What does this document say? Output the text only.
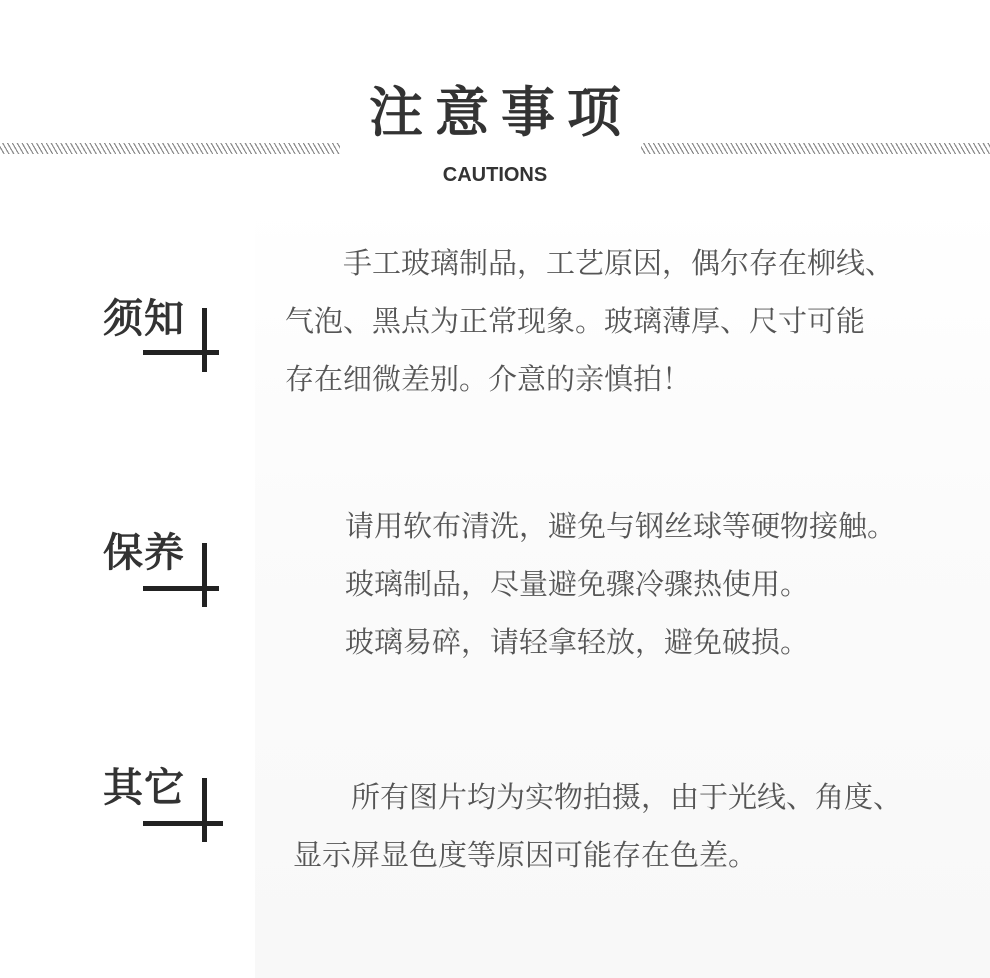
注意事项
CAUTIONS
须知

　　手工玻璃制品，工艺原因，偶尔存在柳线、

气泡、黑点为正常现象。玻璃薄厚、尺寸可能

存在细微差别。介意的亲慎拍！

保养

请用软布清洗，避免与钢丝球等硬物接触。

玻璃制品，尽量避免骤冷骤热使用。

玻璃易碎，请轻拿轻放，避免破损。

其它	　　所有图片均为实物拍摄，由于光线、角度、

显示屏显色度等原因可能存在色差。
